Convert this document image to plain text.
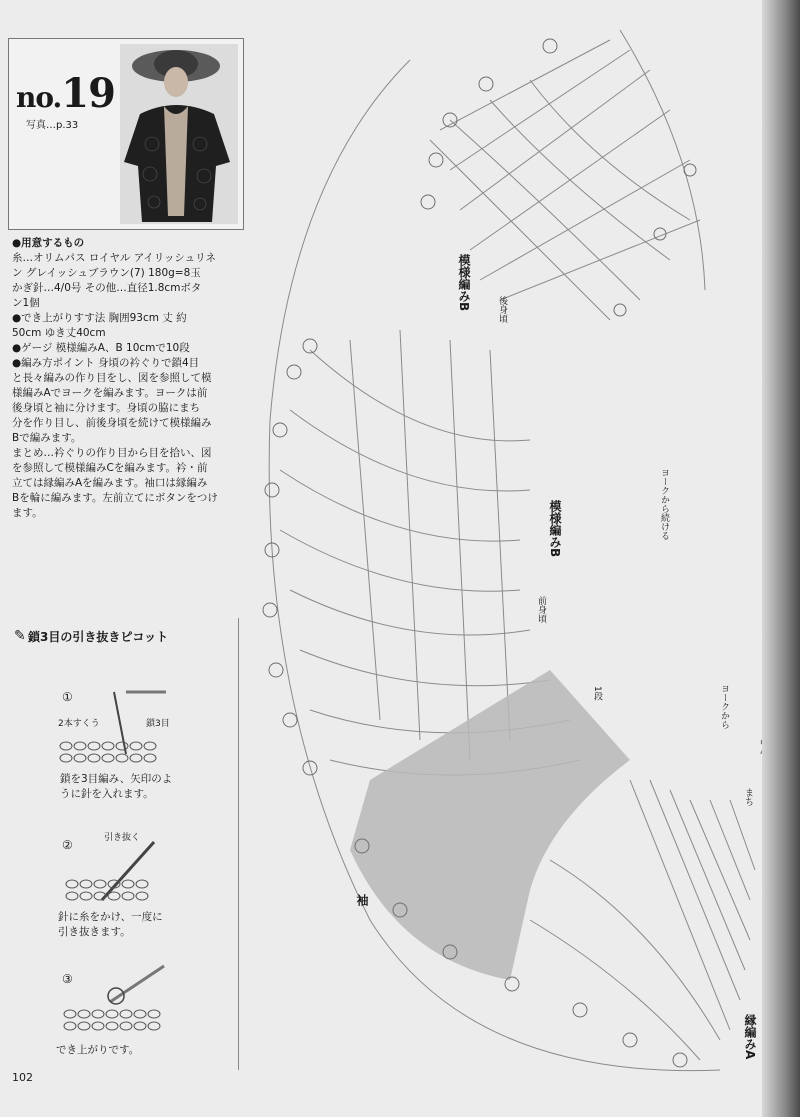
no.19
写真…p.33
●用意するもの
糸…オリムパス ロイヤル アイリッシュリネ
ン グレイッシュブラウン(7) 180g=8玉
かぎ針…4/0号 その他…直径1.8cmボタ
ン1個
●でき上がりすす法 胸囲93cm 丈 約
50cm ゆき丈40cm
●ゲージ 模様編みA、B 10cmで10段
●編み方ポイント 身頃の衿ぐりで鎖4目
と長々編みの作り目をし、図を参照して模
様編みAでヨークを編みます。ヨークは前
後身頃と袖に分けます。身頃の脇にまち
分を作り目し、前後身頃を続けて模様編み
Bで編みます。
まとめ…衿ぐりの作り目から目を拾い、図
を参照して模様編みCを編みます。衿・前
立ては縁編みAを編みます。袖口は縁編み
Bを輪に編みます。左前立てにボタンをつけ
ます。
✎ 鎖3目の引き抜きピコット
①
2本すくう	鎖3目
鎖を3目編み、矢印のよ
うに針を入れます。
②	引き抜く
針に糸をかけ、一度に
引き抜きます。
③
でき上がりです。
102
模様編みB	後身頃
模様編みB
前身頃
ヨークから続ける
ヨークから
1段
袖
縁編みA
まち
